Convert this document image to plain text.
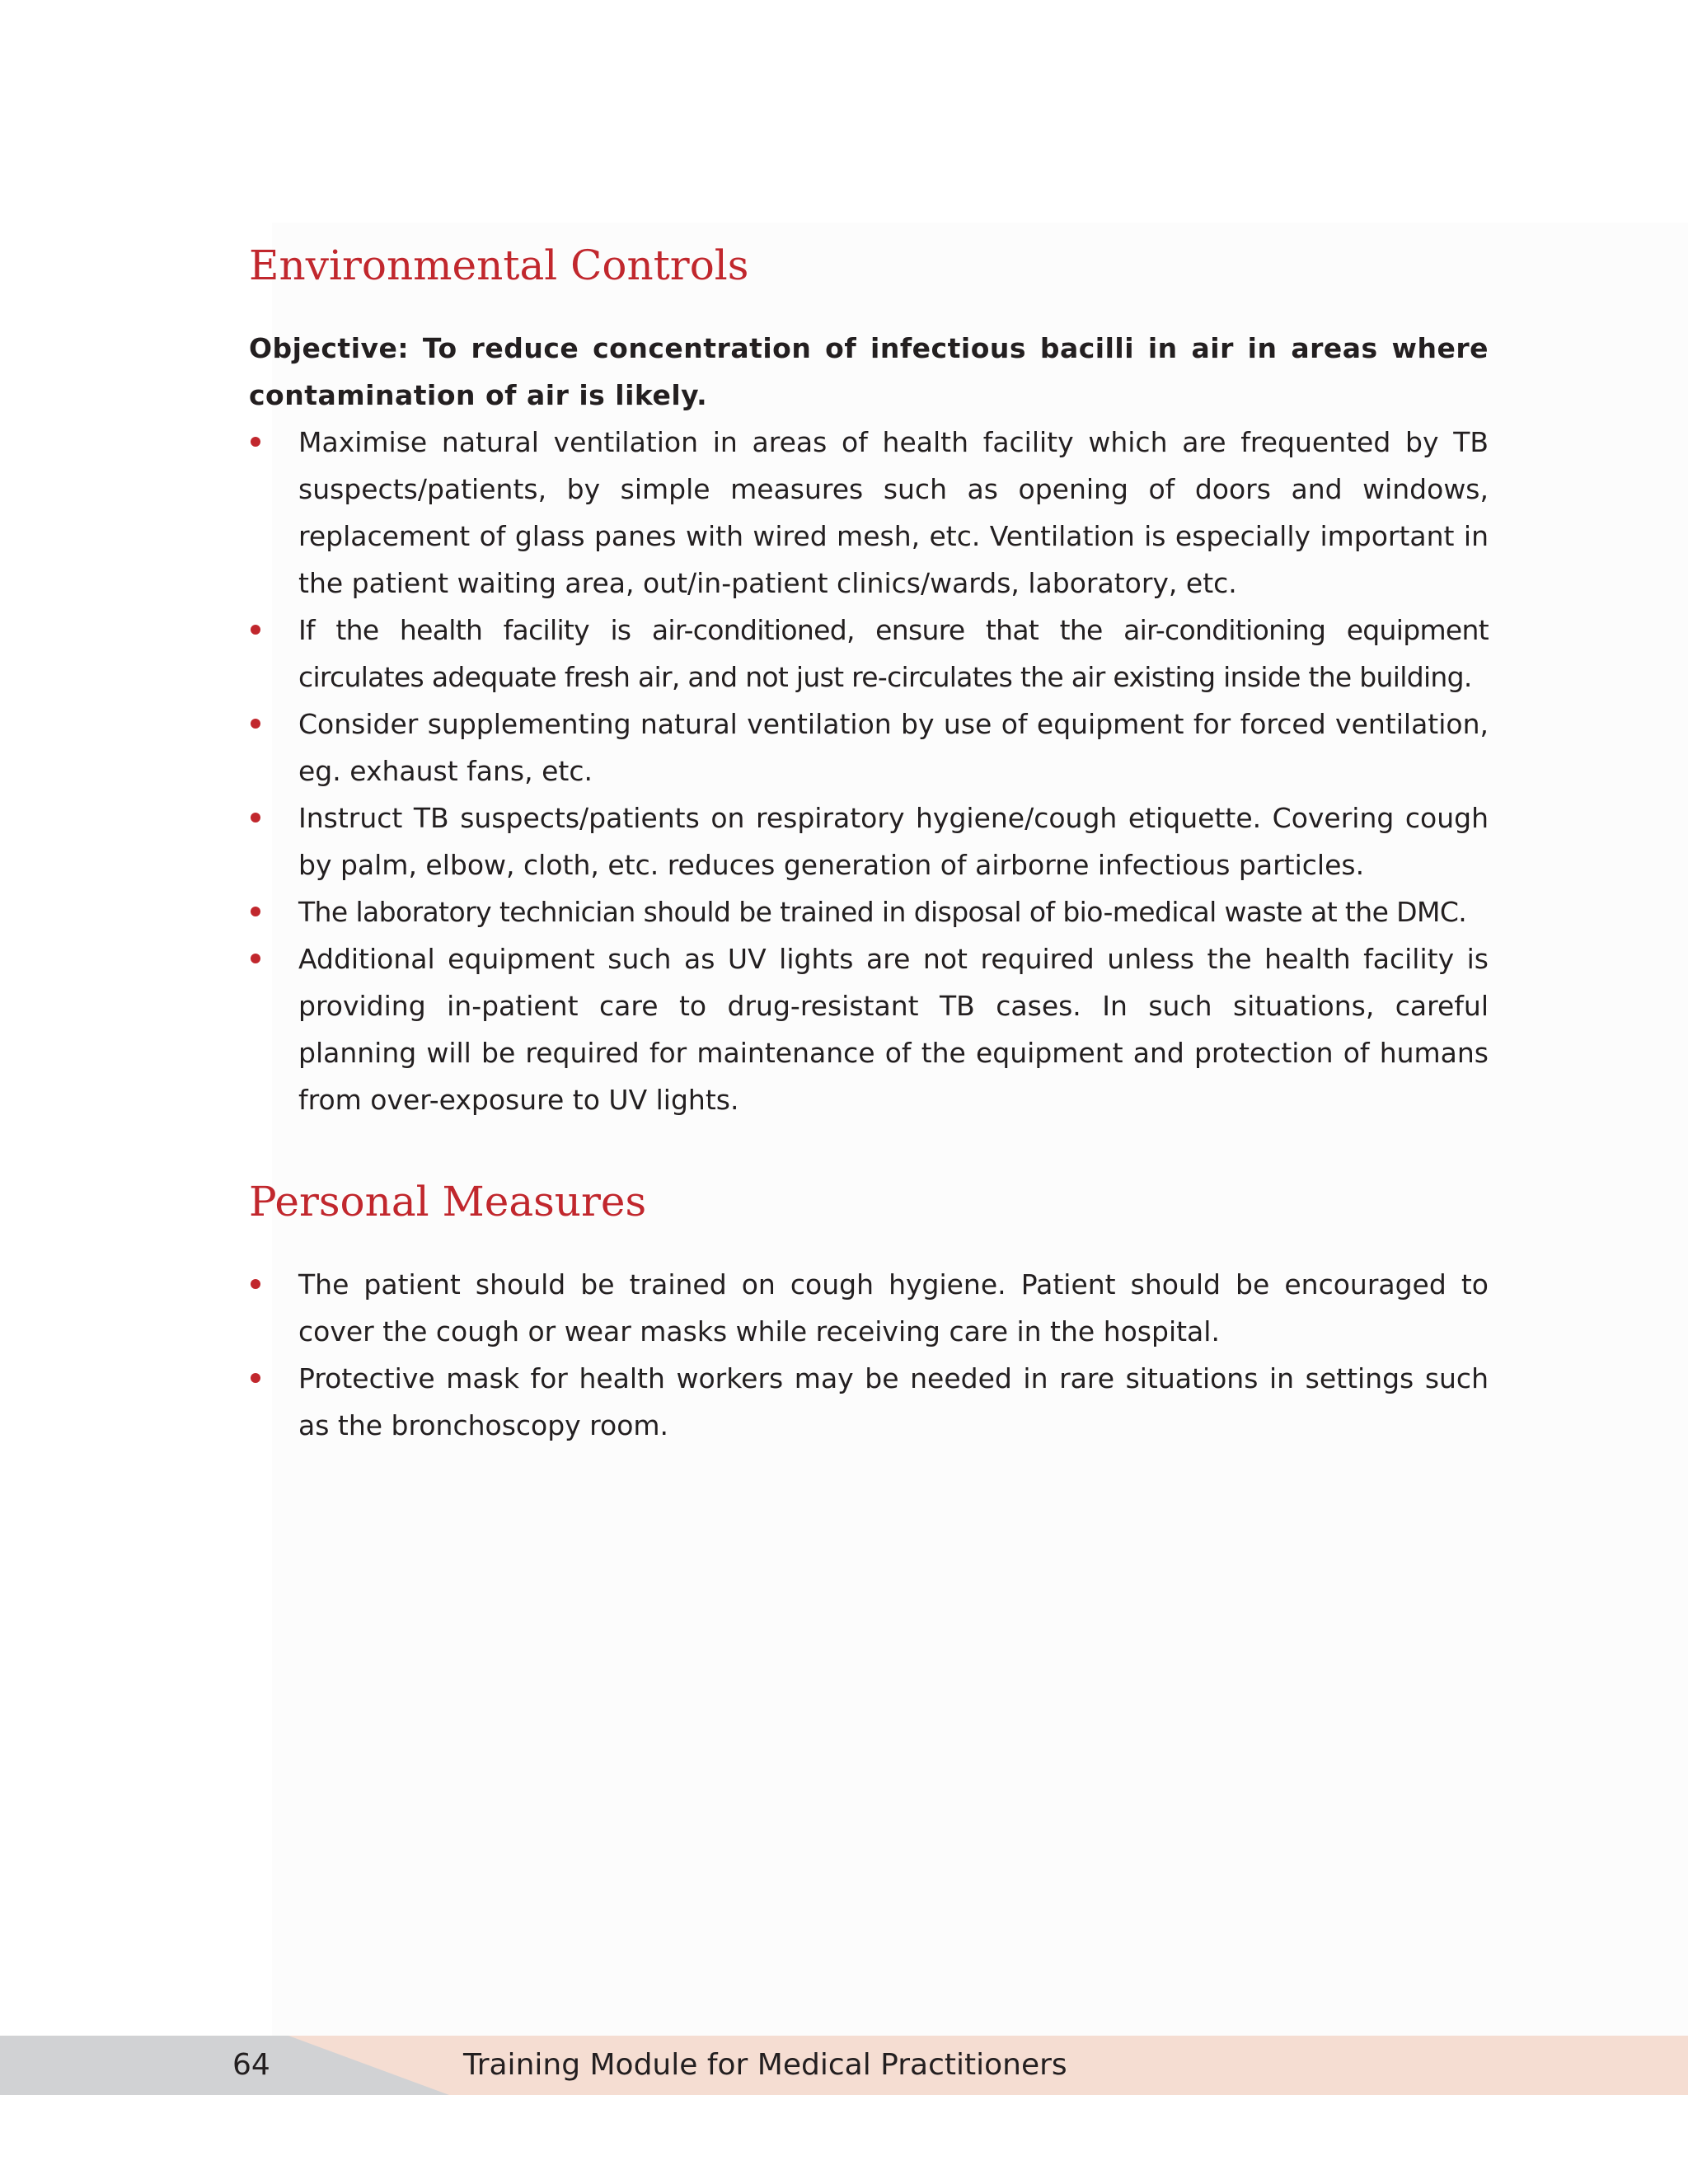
Environmental Controls

Objective: To reduce concentration of infectious bacilli in air in areas where contamination of air is likely.

Maximise natural ventilation in areas of health facility which are frequented by TB suspects/patients, by simple measures such as opening of doors and windows, replacement of glass panes with wired mesh, etc. Ventilation is especially important in the patient waiting area, out/in-patient clinics/wards, laboratory, etc.
If the health facility is air-conditioned, ensure that the air-conditioning equipment circulates adequate fresh air, and not just re-circulates the air existing inside the building.
Consider supplementing natural ventilation by use of equipment for forced ventilation, eg. exhaust fans, etc.
Instruct TB suspects/patients on respiratory hygiene/cough etiquette. Covering cough by palm, elbow, cloth, etc. reduces generation of airborne infectious particles.
The laboratory technician should be trained in disposal of bio-medical waste at the DMC.
Additional equipment such as UV lights are not required unless the health facility is providing in-patient care to drug-resistant TB cases. In such situations, careful planning will be required for maintenance of the equipment and protection of humans from over-exposure to UV lights.
Personal Measures
The patient should be trained on cough hygiene. Patient should be encouraged to cover the cough or wear masks while receiving care in the hospital.
Protective mask for health workers may be needed in rare situations in settings such as the bronchoscopy room.
64	Training Module for Medical Practitioners
